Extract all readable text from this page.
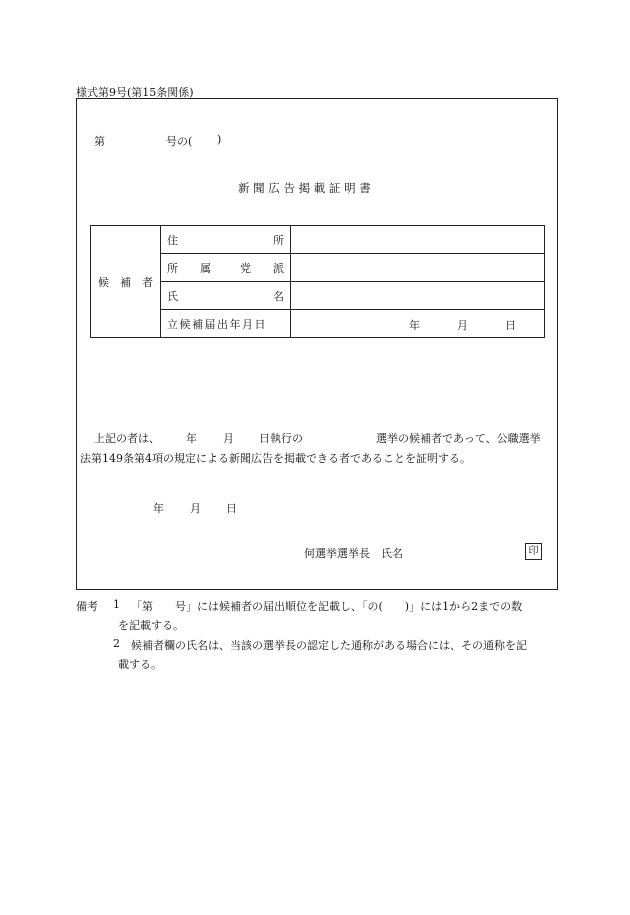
様式第9号(第15条関係)
第	号の( )
新 聞 広 告 掲 載 証 明 書
候　補　者	住 所	

	所　　属 党　　派	

	氏 名	

	立候補届出年月日	年 月 日
上記の者は、 年 月 日執行の	選挙の候補者であって、公職選挙
法第149条第4項の規定による新聞広告を掲載できる者であることを証明する。
年 月 日
何選挙選挙長　氏名	印
備考 1 「第　　号」には候補者の届出順位を記載し、「の(　　)」には1から2までの数
を記載する。
2 候補者欄の氏名は、当該の選挙長の認定した通称がある場合には、その通称を記
載する。
